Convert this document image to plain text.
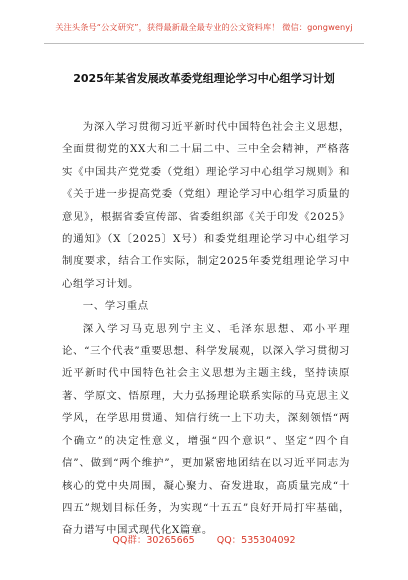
关注头条号“公文研究”，获得最新最全最专业的公文资料库！ 微信：gongwenyj
2025年某省发展改革委党组理论学习中心组学习计划

为深入学习贯彻习近平新时代中国特色社会主义思想，全面贯彻党的XX大和二十届二中、三中全会精神，严格落实《中国共产党党委（党组）理论学习中心组学习规则》和《关于进一步提高党委（党组）理论学习中心组学习质量的意见》，根据省委宣传部、省委组织部《关于印发《2025》的通知》（X〔2025〕X号）和委党组理论学习中心组学习制度要求，结合工作实际，制定2025年委党组理论学习中心组学习计划。

一、学习重点

深入学习马克思列宁主义、毛泽东思想、邓小平理论、“三个代表”重要思想、科学发展观，以深入学习贯彻习近平新时代中国特色社会主义思想为主题主线，坚持读原著、学原文、悟原理，大力弘扬理论联系实际的马克思主义学风，在学思用贯通、知信行统一上下功夫，深刻领悟“两个确立”的决定性意义，增强“四个意识”、坚定“四个自信”、做到“两个维护”，更加紧密地团结在以习近平同志为核心的党中央周围，凝心聚力、奋发进取，高质量完成“十四五”规划目标任务，为实现“十五五”良好开局打牢基础，奋力谱写中国式现代化X篇章。

QQ群：30265665 QQ：535304092
